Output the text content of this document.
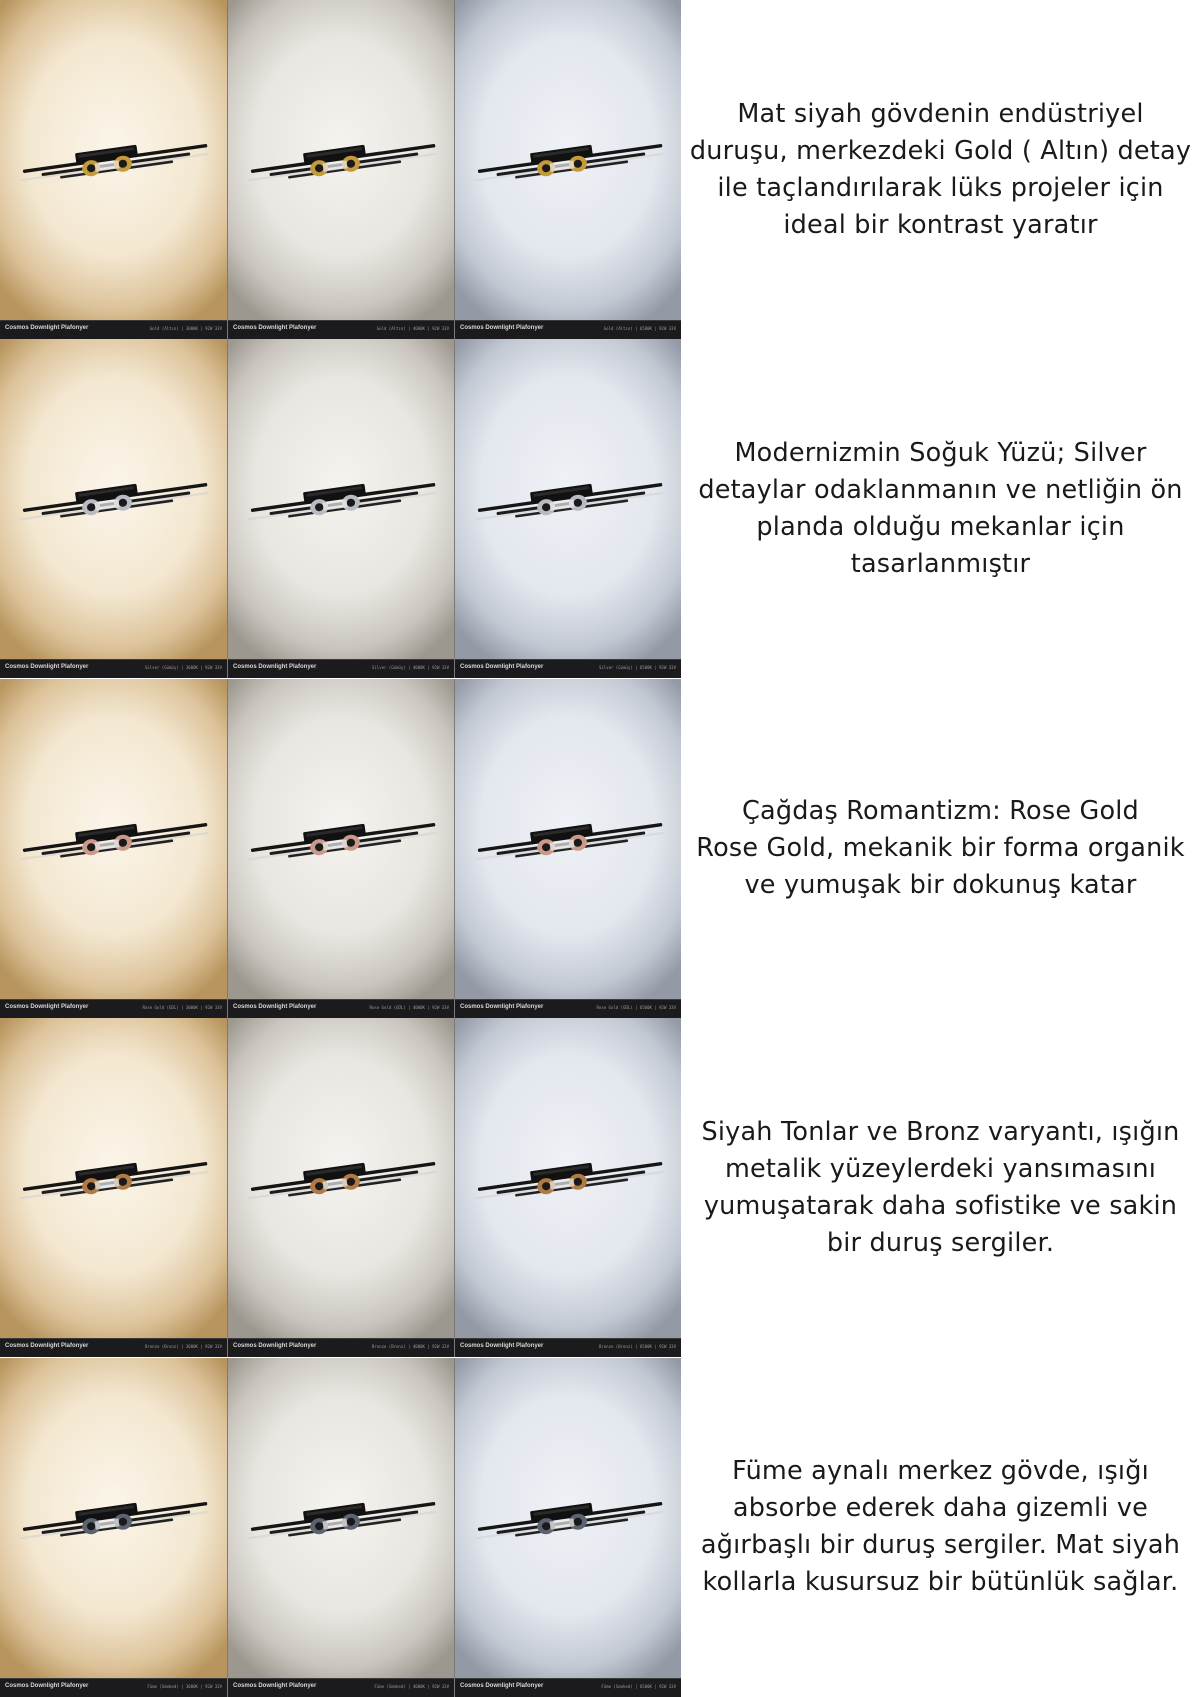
Cosmos Downlight Plafonyer	Gold (Altın) | 3000K | 92W 33V Cosmos Downlight Plafonyer	Gold (Altın) | 4000K | 92W 33V Cosmos Downlight Plafonyer	Gold (Altın) | 6500K | 92W 33V

Mat siyah gövdenin endüstriyel
duruşu, merkezdeki Gold ( Altın) detay
ile taçlandırılarak lüks projeler için
ideal bir kontrast yaratır

Cosmos Downlight Plafonyer	Silver (Gümüş) | 3000K | 92W 33V Cosmos Downlight Plafonyer	Silver (Gümüş) | 4000K | 92W 33V Cosmos Downlight Plafonyer	Silver (Gümüş) | 6500K | 92W 33V

Modernizmin Soğuk Yüzü; Silver
detaylar odaklanmanın ve netliğin ön
planda olduğu mekanlar için
tasarlanmıştır

Cosmos Downlight Plafonyer	Rose Gold (GÜL) | 3000K | 92W 33V Cosmos Downlight Plafonyer	Rose Gold (GÜL) | 4000K | 92W 33V Cosmos Downlight Plafonyer	Rose Gold (GÜL) | 6500K | 92W 33V

Çağdaş Romantizm: Rose Gold
Rose Gold, mekanik bir forma organik
ve yumuşak bir dokunuş katar

Cosmos Downlight Plafonyer	Bronze (Bronz) | 3000K | 92W 33V Cosmos Downlight Plafonyer	Bronze (Bronz) | 4000K | 92W 33V Cosmos Downlight Plafonyer	Bronze (Bronz) | 6500K | 92W 33V

Siyah Tonlar ve Bronz varyantı, ışığın
metalik yüzeylerdeki yansımasını
yumuşatarak daha sofistike ve sakin
bir duruş sergiler.

Cosmos Downlight Plafonyer	Füme (Smoked) | 3000K | 92W 33V Cosmos Downlight Plafonyer	Füme (Smoked) | 4000K | 92W 33V Cosmos Downlight Plafonyer	Füme (Smoked) | 6500K | 92W 33V

Füme aynalı merkez gövde, ışığı
absorbe ederek daha gizemli ve
ağırbaşlı bir duruş sergiler. Mat siyah
kollarla kusursuz bir bütünlük sağlar.
